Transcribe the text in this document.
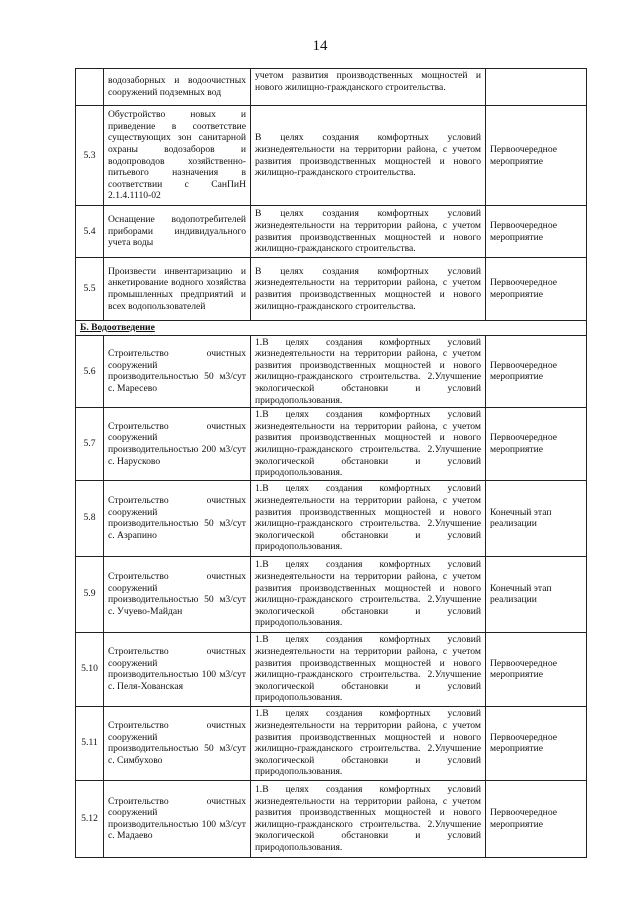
14
	водозаборных и водоочистных сооружений подземных вод	учетом развития производственных мощностей и нового жилищно-гражданского строительства.	
5.3	Обустройство новых и приведение в соответствие существующих зон санитарной охраны водозаборов и водопроводов хозяйственно-питьевого назначения в соответствии с СанПиН 2.1.4.1110-02	В целях создания комфортных условий жизнедеятельности на территории района, с учетом развития производственных мощностей и нового жилищно-гражданского строительства.	Первоочередное мероприятие
5.4	Оснащение водопотребителей приборами индивидуального учета воды	В целях создания комфортных условий жизнедеятельности на территории района, с учетом развития производственных мощностей и нового жилищно-гражданского строительства.	Первоочередное мероприятие
5.5	Произвести инвентаризацию и анкетирование водного хозяйства промышленных предприятий и всех водопользователей	В целях создания комфортных условий жизнедеятельности на территории района, с учетом развития производственных мощностей и нового жилищно-гражданского строительства.	Первоочередное мероприятие
Б. Водоотведение			
5.6	Строительство очистных сооружений производительностью 50 м3/сут с. Маресево	1.В целях создания комфортных условий жизнедеятельности на территории района, с учетом развития производственных мощностей и нового жилищно-гражданского строительства. 2.Улучшение экологической обстановки и условий природопользования.	Первоочередное мероприятие
5.7	Строительство очистных сооружений производительностью 200 м3/сут с. Нарусково	1.В целях создания комфортных условий жизнедеятельности на территории района, с учетом развития производственных мощностей и нового жилищно-гражданского строительства. 2.Улучшение экологической обстановки и условий природопользования.	Первоочередное мероприятие
5.8	Строительство очистных сооружений производительностью 50 м3/сут с. Азрапино	1.В целях создания комфортных условий жизнедеятельности на территории района, с учетом развития производственных мощностей и нового жилищно-гражданского строительства. 2.Улучшение экологической обстановки и условий природопользования.	Конечный этап реализации
5.9	Строительство очистных сооружений производительностью 50 м3/сут с. Учуево-Майдан	1.В целях создания комфортных условий жизнедеятельности на территории района, с учетом развития производственных мощностей и нового жилищно-гражданского строительства. 2.Улучшение экологической обстановки и условий природопользования.	Конечный этап реализации
5.10	Строительство очистных сооружений производительностью 100 м3/сут с. Пеля-Хованская	1.В целях создания комфортных условий жизнедеятельности на территории района, с учетом развития производственных мощностей и нового жилищно-гражданского строительства. 2.Улучшение экологической обстановки и условий природопользования.	Первоочередное мероприятие
5.11	Строительство очистных сооружений производительностью 50 м3/сут с. Симбухово	1.В целях создания комфортных условий жизнедеятельности на территории района, с учетом развития производственных мощностей и нового жилищно-гражданского строительства. 2.Улучшение экологической обстановки и условий природопользования.	Первоочередное мероприятие
5.12	Строительство очистных сооружений производительностью 100 м3/сут с. Мадаево	1.В целях создания комфортных условий жизнедеятельности на территории района, с учетом развития производственных мощностей и нового жилищно-гражданского строительства. 2.Улучшение экологической обстановки и условий природопользования.	Первоочередное мероприятие
